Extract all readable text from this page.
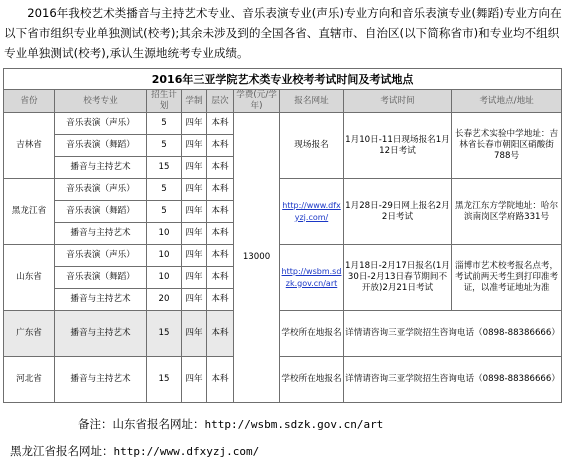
2016年我校艺术类播音与主持艺术专业、音乐表演专业(声乐)专业方向和音乐表演专业(舞蹈)专业方向在以下省市组织专业单独测试(校考);其余未涉及到的全国各省、直辖市、自治区(以下简称省市)和专业均不组织专业单独测试(校考),承认生源地统考专业成绩。

2016年三亚学院艺术类专业校考考试时间及考试地点								
省份	校考专业	招生计划	学制	层次	学费(元/学年)	报名网址	考试时间	考试地点/地址
吉林省	音乐表演（声乐）	5	四年	本科	13000	现场报名	1月10日-11日现场报名1月12日考试	长春艺术实验中学地址：吉林省长春市朝阳区硝酸街788号
	音乐表演（舞蹈）	5	四年	本科				
	播音与主持艺术	15	四年	本科				
黑龙江省	音乐表演（声乐）	5	四年	本科		http://www.dfxyzj.com/	1月28日-29日网上报名2月2日考试	黑龙江东方学院地址：哈尔滨南岗区学府路331号
	音乐表演（舞蹈）	5	四年	本科				
	播音与主持艺术	10	四年	本科				
山东省	音乐表演（声乐）	10	四年	本科		http://wsbm.sdzk.gov.cn/art	1月18日-2月17日报名(1月30日-2月13日春节期间不开放)2月21日考试	淄博市艺术校考报名点考，考试前两天考生到打印准考证，以准考证地址为准
	音乐表演（舞蹈）	10	四年	本科				
	播音与主持艺术	20	四年	本科				
广东省	播音与主持艺术	15	四年	本科		学校所在地报名	详情请咨询三亚学院招生咨询电话（0898-88386666）	

河北省	播音与主持艺术	15	四年	本科		学校所在地报名	详情请咨询三亚学院招生咨询电话（0898-88386666）	

备注：山东省报名网址：http://wsbm.sdzk.gov.cn/art
黑龙江省报名网址：http://www.dfxyzj.com/
